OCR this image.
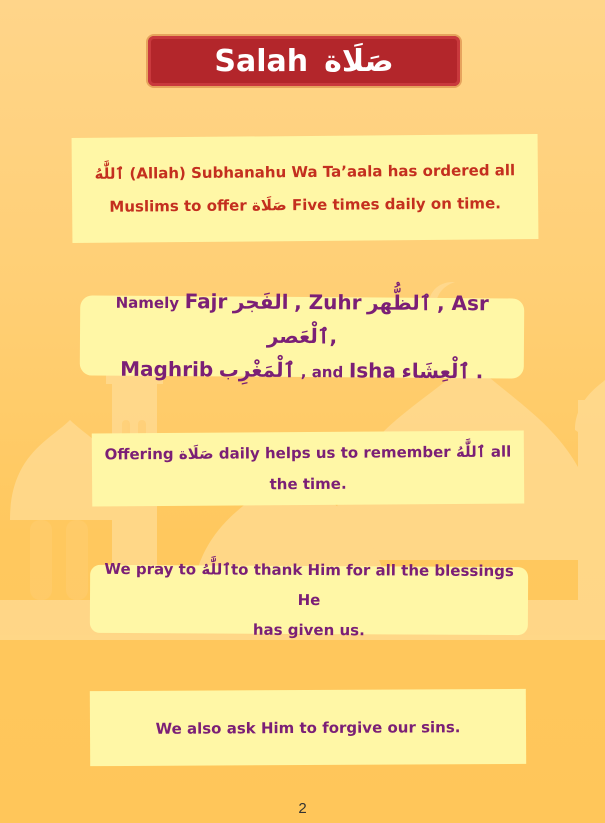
Salah صَلَاة

ٱللَّٰهُ (Allah) Subhanahu Wa Ta’aala has ordered all
Muslims to offer صَلَاة Five times daily on time.

Namely Fajr الفَجر , Zuhr ٱلظُّهر , Asr ٱلْعَصر,
Maghrib ٱلْمَغْرِب , and Isha ٱلْعِشَاء .

Offering صَلَاة daily helps us to remember ٱللَّٰهُ all
the time.

We pray to ٱللَّٰهُto thank Him for all the blessings He
has given us.

We also ask Him to forgive our sins.

2
